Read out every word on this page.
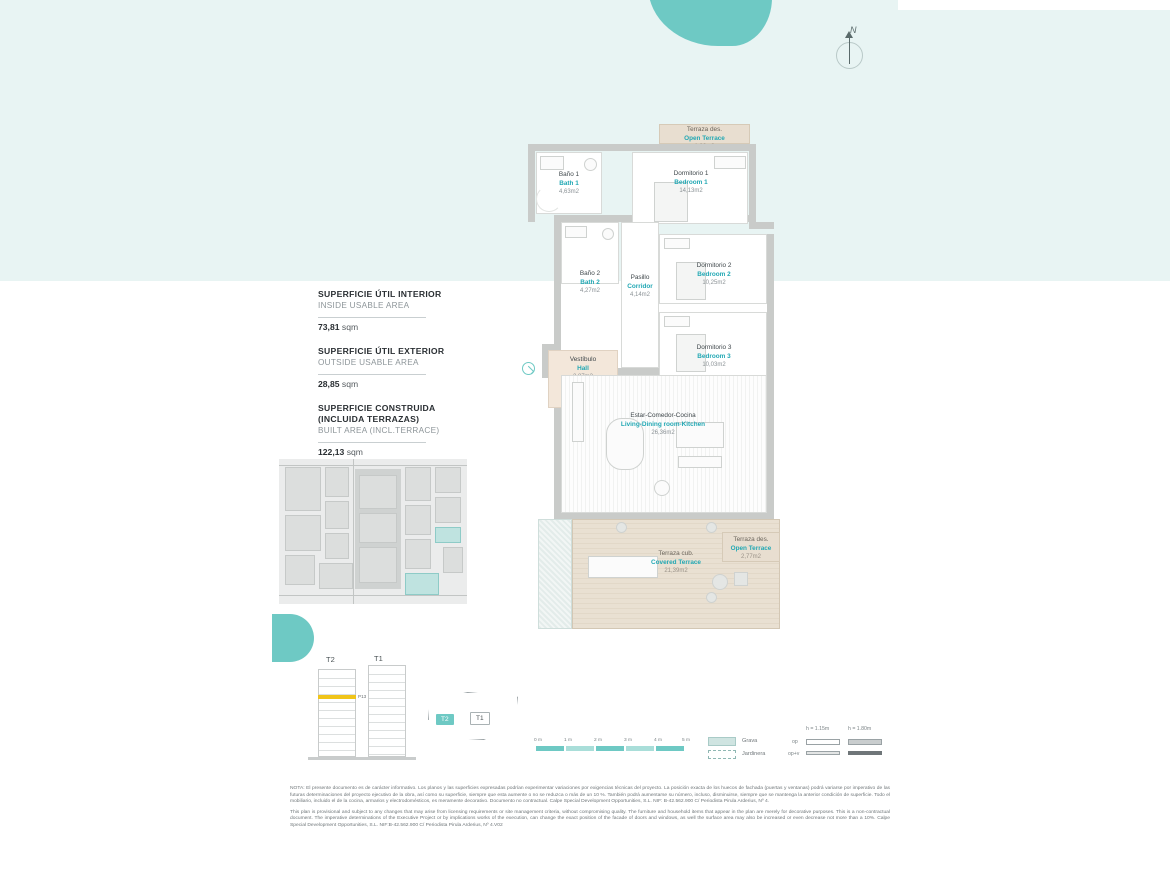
N
SUPERFICIE ÚTIL INTERIOR
INSIDE USABLE AREA
73,81 sqm
SUPERFICIE ÚTIL EXTERIOR
OUTSIDE USABLE AREA
28,85 sqm
SUPERFICIE CONSTRUIDA (INCLUIDA TERRAZAS)
BUILT AREA (INCL.TERRACE)
122,13 sqm
Terraza des.
Open Terrace
Baño 1
Bath 1
4,63m2
Dormitorio 1
Bedroom 1
14,13m2
Baño 2
Bath 2
4,27m2
Pasillo
Corridor
4,14m2
Dormitorio 2
Bedroom 2
10,25m2
Dormitorio 3
Bedroom 3
10,03m2
Vestíbulo
Hall
Estar-Comedor-Cocina
Living-Dining room-Kitchen
26,36m2
Terraza cub.
Covered Terrace
21,39m2
Terraza des.
Open Terrace
2,77m2
T2	T1
P13
T2	T1
0 m	1 m	2 m	3 m	4 m	5 m	Grava
Jardinera
h = 1.15m	h = 1.80m
op
op+v

NOTA: El presente documento es de carácter informativo. Los planos y las superficies expresadas podrían experimentar variaciones por exigencias técnicas del proyecto. La posición exacta de los huecos de fachada (puertas y ventanas) podrá variarse por imperativo de las futuras determinaciones del proyecto ejecutivo de la obra, así como su superficie, siempre que esta aumente o no se reduzca o más de un 10 %. También podrá aumentarse su número, incluso, disminuirse, siempre que se mantenga la anterior condición de superficie. Todo el mobiliario, incluido el de la cocina, armarios y electrodomésticos, es meramente decorativo. Documento no contractual. Calpe Special Development Opportunities, S.L. NIF: B-42.562.900 C/ Periodista Pirula Arderius, Nº 4.

This plan is provisional and subject to any changes that may arise from licensing requirements or site management criteria, without compromising quality. The furniture and household items that appear in the plan are merely for decorative purposes. This is a non-contractual document. The imperative determinations of the Executive Project or by implications works of the execution, can change the exact position of the facade of doors and windows, as well the surface area may also be increased or even decrease not more than a 10%. Calpe Special Development Opportunities, S.L. NIF:B-42.562.900 C/ Periodista Pirula Arderius, Nº 4.V02
